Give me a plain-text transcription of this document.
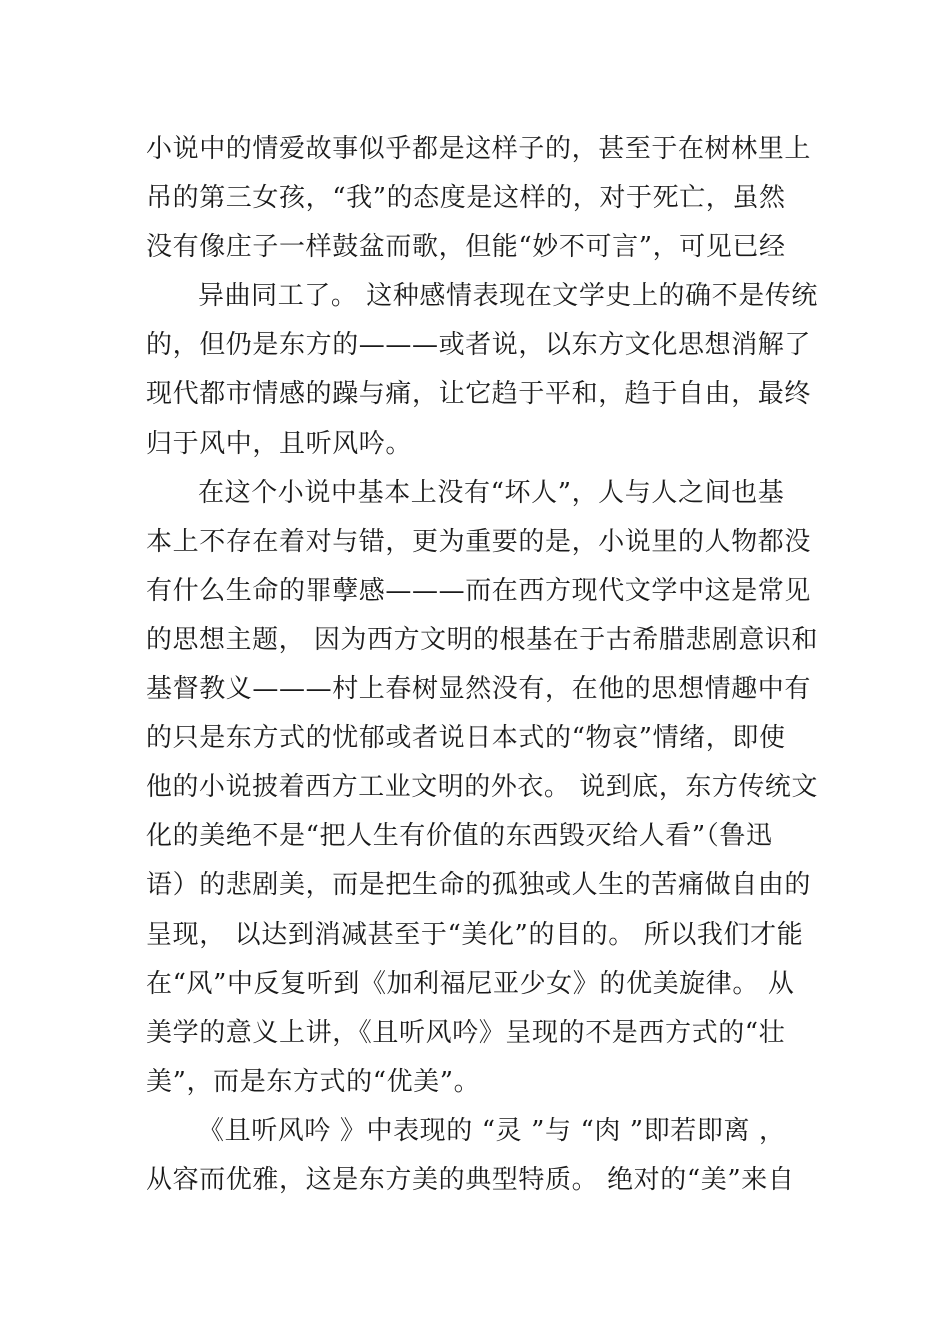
小说中的情爱故事似乎都是这样子的，甚至于在树林里上
吊的第三女孩，“我”的态度是这样的，对于死亡，虽然
没有像庄子一样鼓盆而歌，但能“妙不可言”，可见已经
异曲同工了。 这种感情表现在文学史上的确不是传统
的，但仍是东方的———或者说，以东方文化思想消解了
现代都市情感的躁与痛，让它趋于平和，趋于自由，最终
归于风中，且听风吟。
在这个小说中基本上没有“坏人”，人与人之间也基
本上不存在着对与错，更为重要的是，小说里的人物都没
有什么生命的罪孽感———而在西方现代文学中这是常见
的思想主题， 因为西方文明的根基在于古希腊悲剧意识和
基督教义———村上春树显然没有，在他的思想情趣中有
的只是东方式的忧郁或者说日本式的“物哀”情绪，即使
他的小说披着西方工业文明的外衣。 说到底，东方传统文
化的美绝不是“把人生有价值的东西毁灭给人看”（鲁迅
语）的悲剧美，而是把生命的孤独或人生的苦痛做自由的
呈现， 以达到消减甚至于“美化”的目的。 所以我们才能
在“风”中反复听到《加利福尼亚少女》的优美旋律。 从
美学的意义上讲，《且听风吟》呈现的不是西方式的“壮
美”，而是东方式的“优美”。
《且听风吟 》中表现的 “灵 ”与 “肉 ”即若即离 ，
从容而优雅，这是东方美的典型特质。 绝对的“美”来自
